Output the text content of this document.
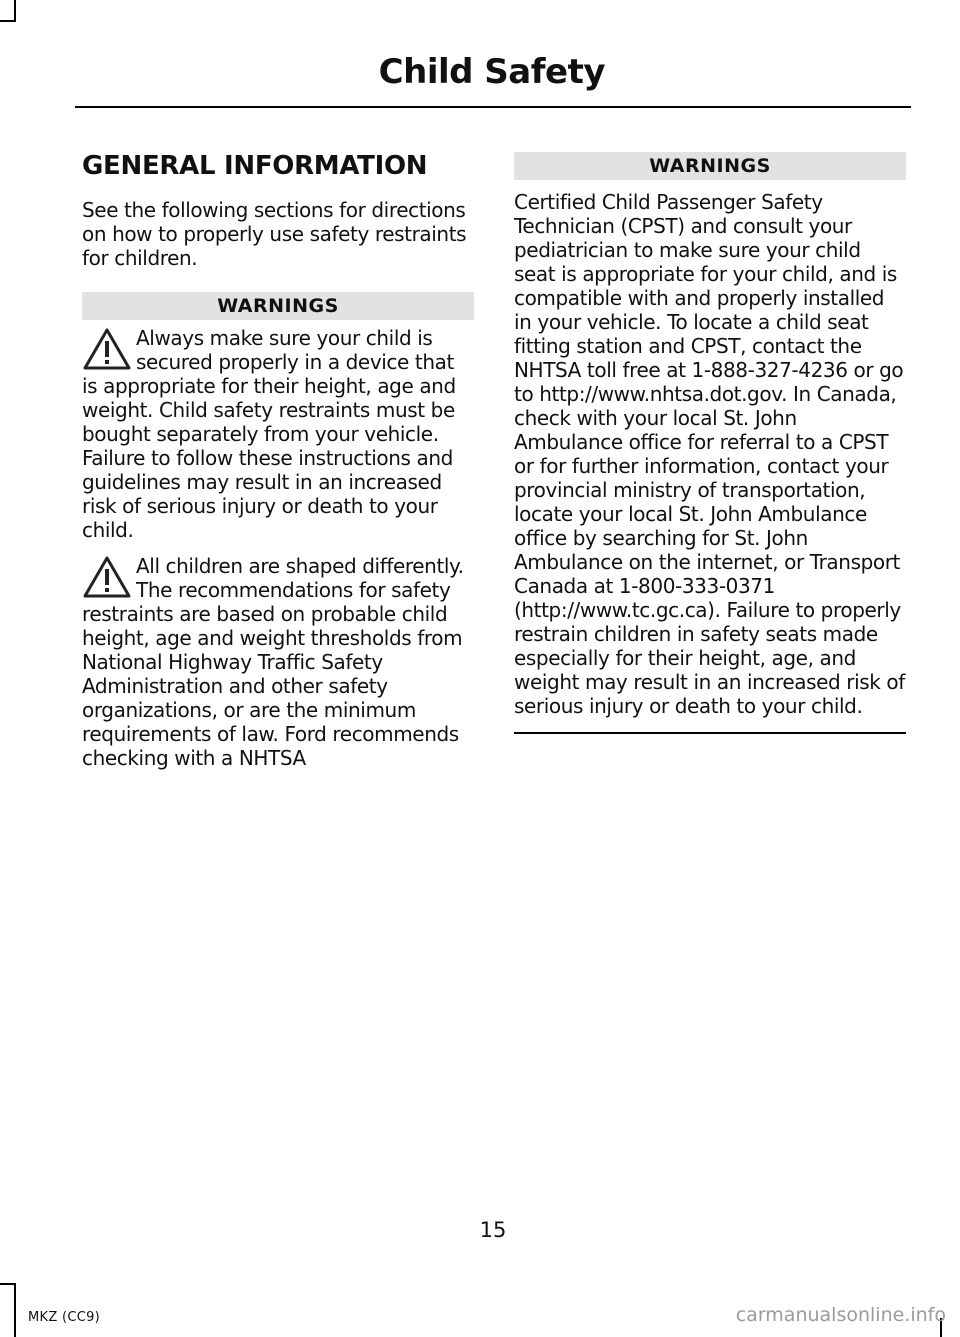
Child Safety
GENERAL INFORMATION

See the following sections for directions on how to properly use safety restraints for children.

WARNINGS

Always make sure your child is secured properly in a device that is appropriate for their height, age and weight. Child safety restraints must be bought separately from your vehicle. Failure to follow these instructions and guidelines may result in an increased risk of serious injury or death to your child.

All children are shaped differently. The recommendations for safety restraints are based on probable child height, age and weight thresholds from National Highway Traffic Safety Administration and other safety organizations, or are the minimum requirements of law. Ford recommends checking with a NHTSA

WARNINGS

Certified Child Passenger Safety Technician (CPST) and consult your pediatrician to make sure your child seat is appropriate for your child, and is compatible with and properly installed in your vehicle. To locate a child seat fitting station and CPST, contact the NHTSA toll free at 1-888-327-4236 or go to http://www.nhtsa.dot.gov. In Canada, check with your local St. John Ambulance office for referral to a CPST or for further information, contact your provincial ministry of transportation, locate your local St. John Ambulance office by searching for St. John Ambulance on the internet, or Transport Canada at 1-800-333-0371 (http://www.tc.gc.ca). Failure to properly restrain children in safety seats made especially for their height, age, and weight may result in an increased risk of serious injury or death to your child.

15
MKZ (CC9)	carmanualsonline.info
